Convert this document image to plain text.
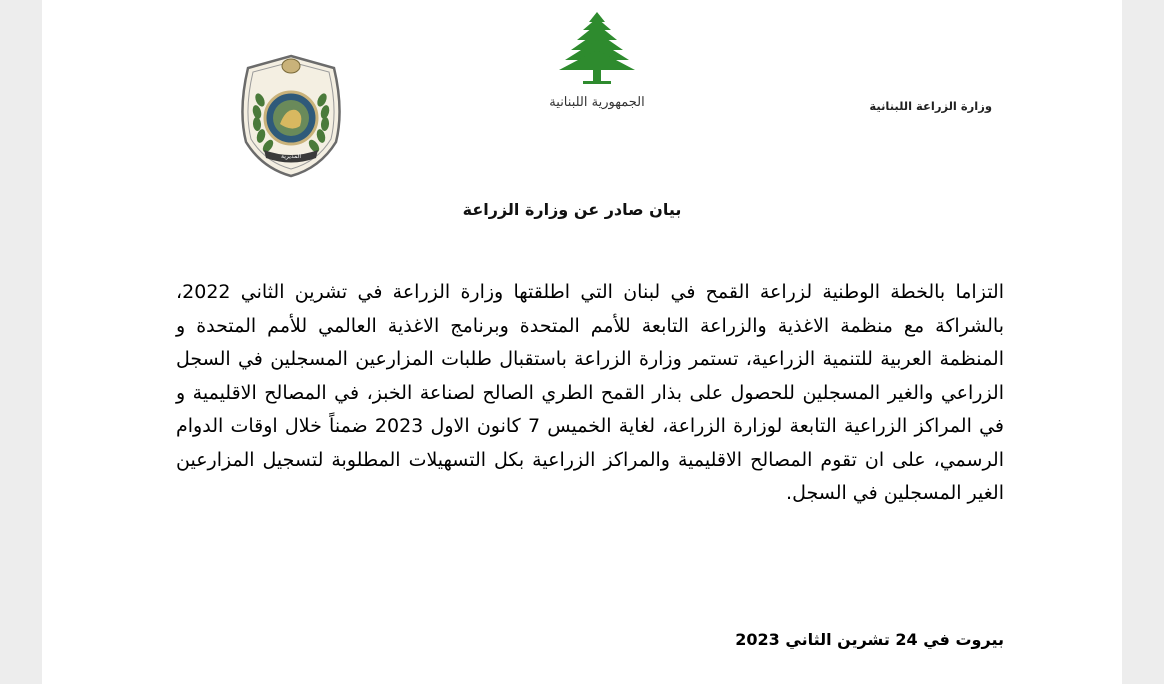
المديرية
الجمهورية اللبنانية	وزارة الزراعة اللبنانية
بيان صادر عن وزارة الزراعة

التزاما بالخطة الوطنية لزراعة القمح في لبنان التي اطلقتها وزارة الزراعة في تشرين الثاني 2022، بالشراكة مع منظمة الاغذية والزراعة التابعة للأمم المتحدة وبرنامج الاغذية العالمي للأمم المتحدة و المنظمة العربية للتنمية الزراعية، تستمر وزارة الزراعة باستقبال طلبات المزارعين المسجلين في السجل الزراعي والغير المسجلين للحصول على بذار القمح الطري الصالح لصناعة الخبز، في المصالح الاقليمية و في المراكز الزراعية التابعة لوزارة الزراعة، لغاية الخميس 7 كانون الاول 2023 ضمناً خلال اوقات الدوام الرسمي، على ان تقوم المصالح الاقليمية والمراكز الزراعية بكل التسهيلات المطلوبة لتسجيل المزارعين الغير المسجلين في السجل.

بيروت في 24 تشرين الثاني 2023
